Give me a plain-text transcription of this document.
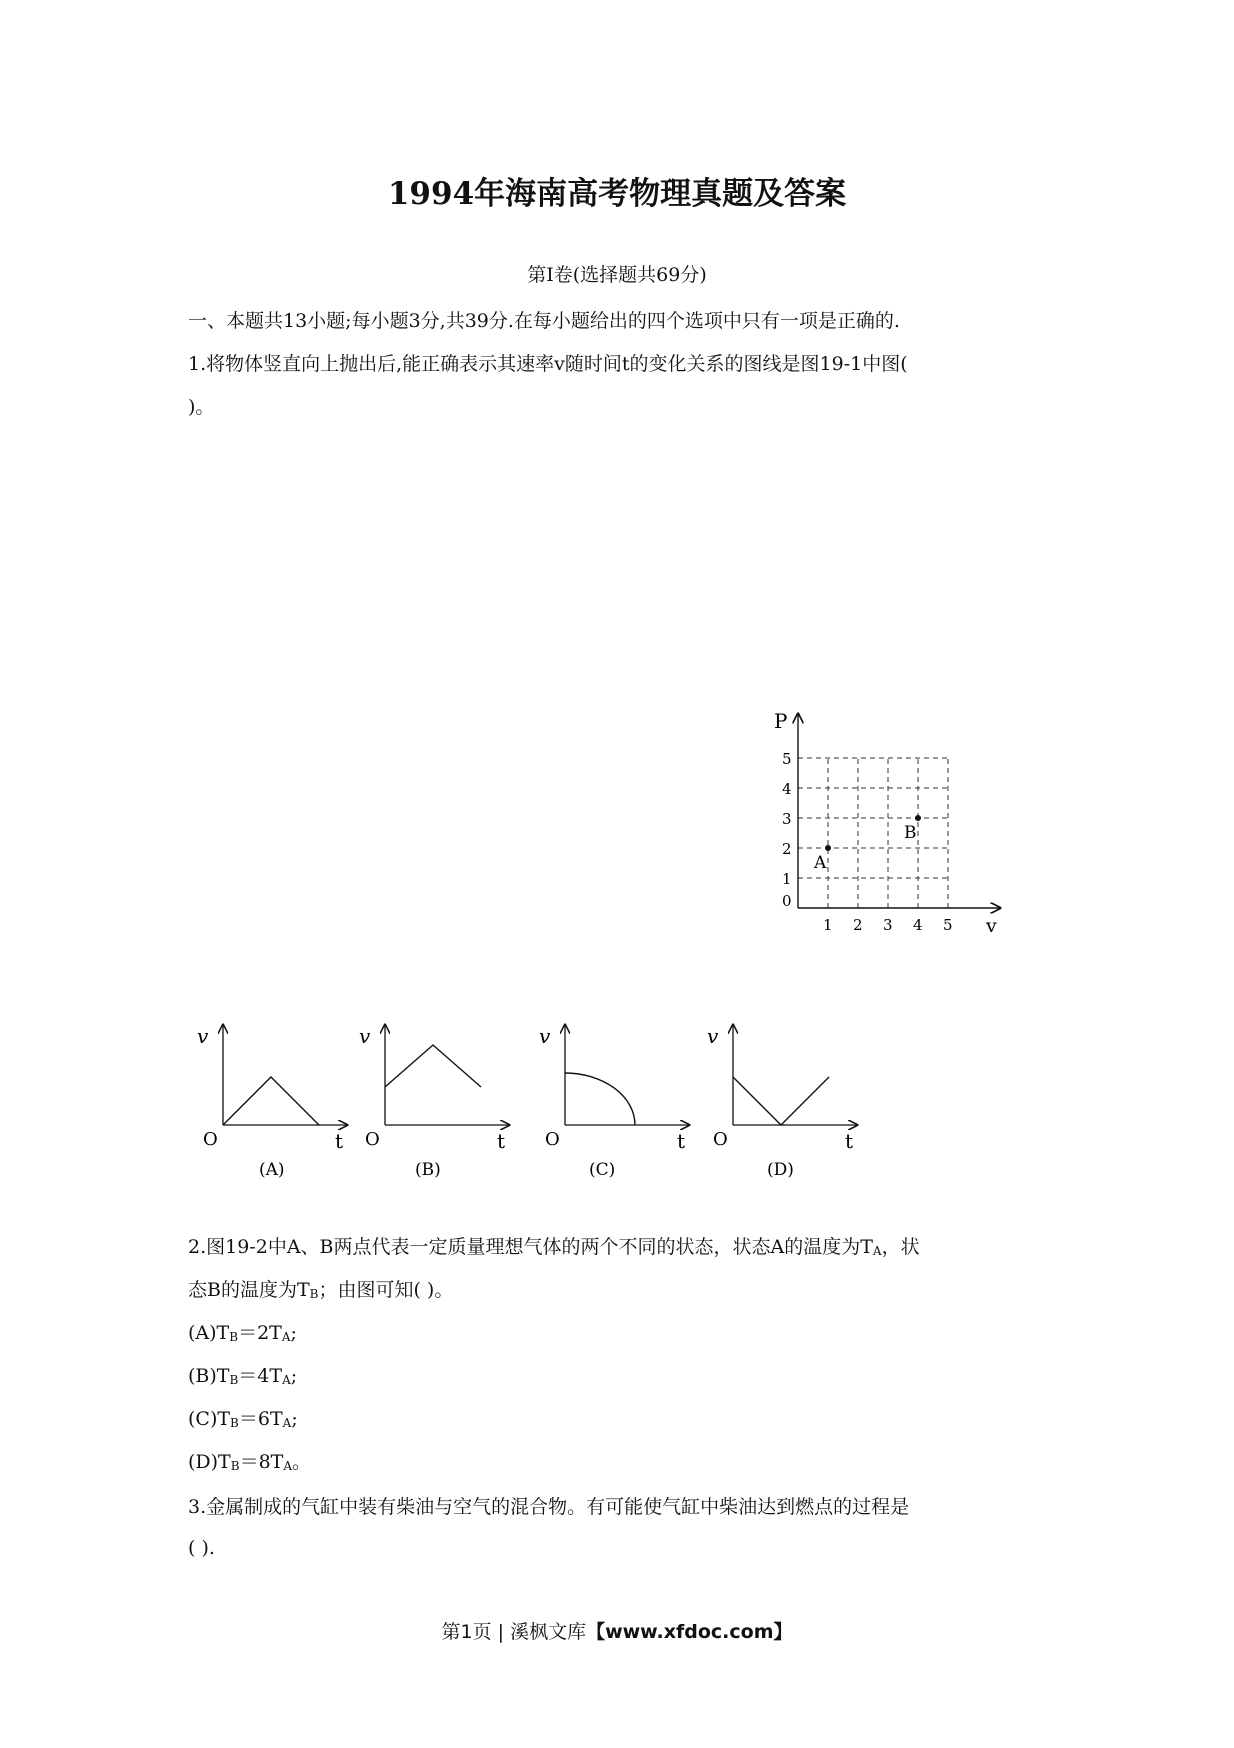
1994年海南高考物理真题及答案
第Ⅰ卷(选择题共69分)
一、本题共13小题;每小题3分,共39分.在每小题给出的四个选项中只有一项是正确的.
1.将物体竖直向上抛出后,能正确表示其速率v随时间t的变化关系的图线是图19-1中图(
)。
P
v
0
1
2
3
4
5
1 2 3 4 5
A
B
v
O	t
(A)
v
O	t
(B)
v
O	t
(C)
v
O	t
(D)
2.图19-2中A、B两点代表一定质量理想气体的两个不同的状态，状态A的温度为$T_A$，状
态B的温度为$T_B$；由图可知( )。
$(A)T_B=2T_A$;
$(B)T_B=4T_A$;
$(C)T_B=6T_A$;
$(D)T_B=8T_A$。
3.金属制成的气缸中装有柴油与空气的混合物。有可能使气缸中柴油达到燃点的过程是
( ).
第1页 | 溪枫文库【www.xfdoc.com】
